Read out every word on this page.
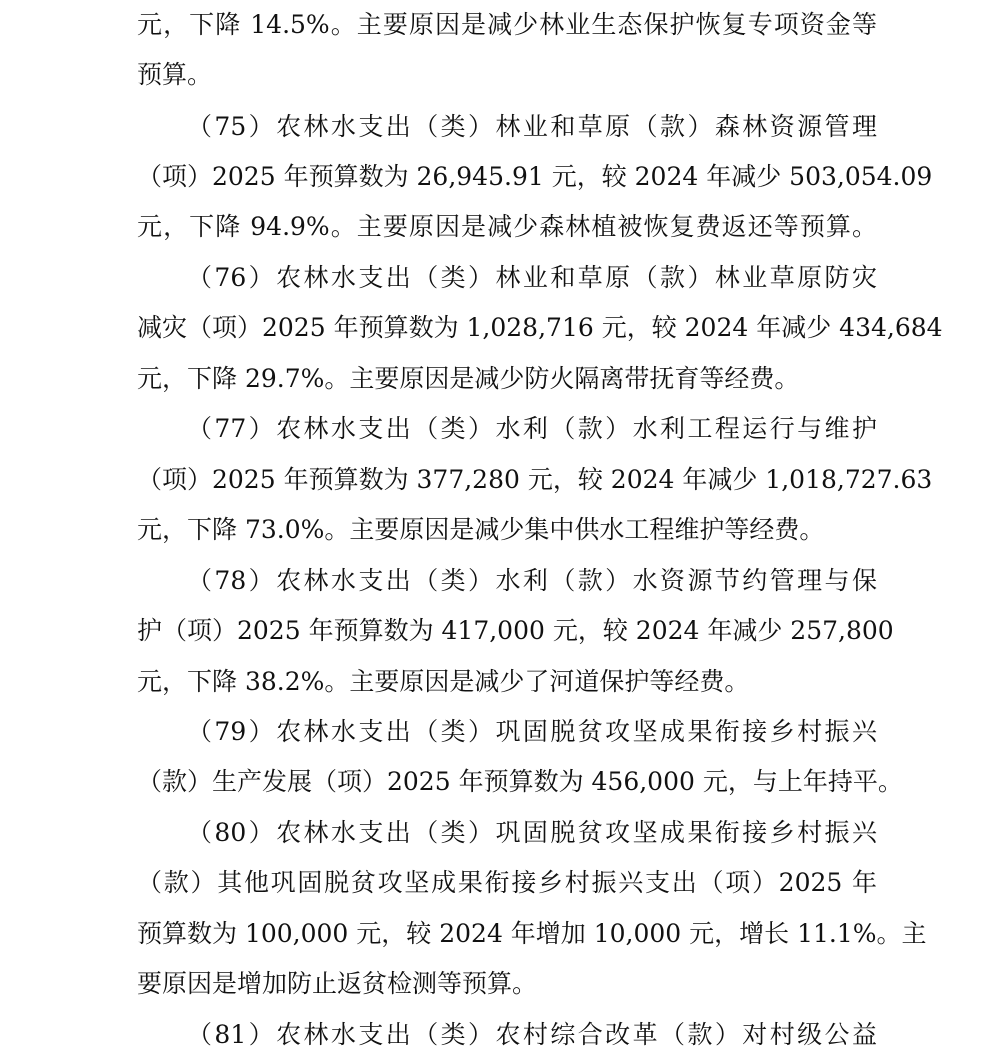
元，下降 14.5%。主要原因是减少林业生态保护恢复专项资金等
预算。
（75）农林水支出（类）林业和草原（款）森林资源管理
（项）2025 年预算数为 26,945.91 元，较 2024 年减少 503,054.09
元，下降 94.9%。主要原因是减少森林植被恢复费返还等预算。
（76）农林水支出（类）林业和草原（款）林业草原防灾
减灾（项）2025 年预算数为 1,028,716 元，较 2024 年减少 434,684
元，下降 29.7%。主要原因是减少防火隔离带抚育等经费。
（77）农林水支出（类）水利（款）水利工程运行与维护
（项）2025 年预算数为 377,280 元，较 2024 年减少 1,018,727.63
元，下降 73.0%。主要原因是减少集中供水工程维护等经费。
（78）农林水支出（类）水利（款）水资源节约管理与保
护（项）2025 年预算数为 417,000 元，较 2024 年减少 257,800
元，下降 38.2%。主要原因是减少了河道保护等经费。
（79）农林水支出（类）巩固脱贫攻坚成果衔接乡村振兴
（款）生产发展（项）2025 年预算数为 456,000 元，与上年持平。
（80）农林水支出（类）巩固脱贫攻坚成果衔接乡村振兴
（款）其他巩固脱贫攻坚成果衔接乡村振兴支出（项）2025 年
预算数为 100,000 元，较 2024 年增加 10,000 元，增长 11.1%。主
要原因是增加防止返贫检测等预算。
（81）农林水支出（类）农村综合改革（款）对村级公益
